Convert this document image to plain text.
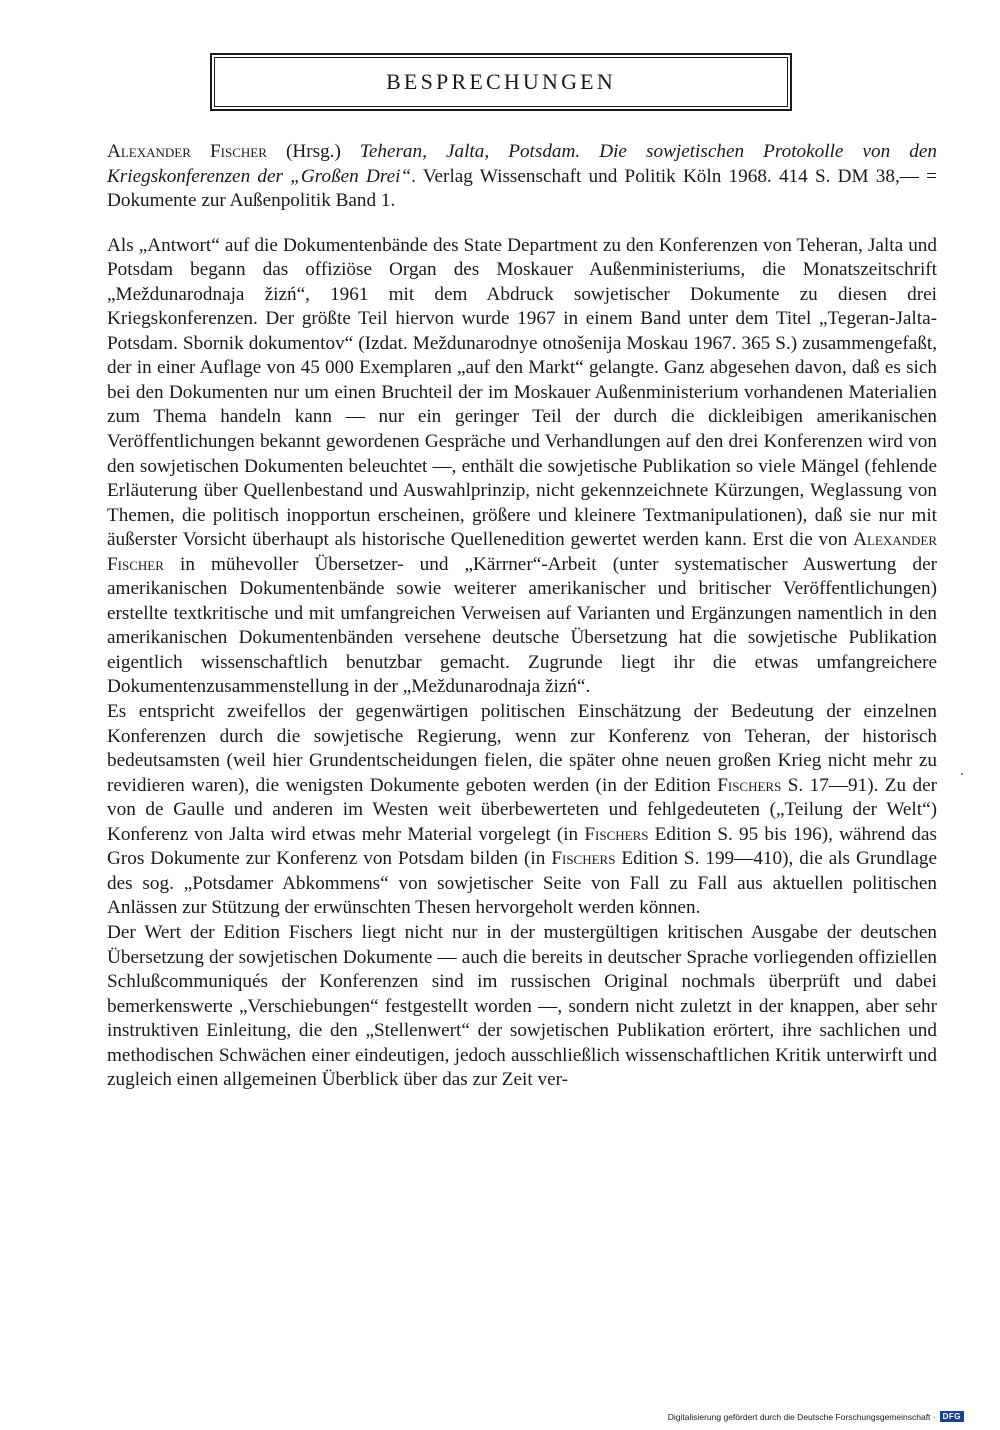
BESPRECHUNGEN

Alexander Fischer (Hrsg.) Teheran, Jalta, Potsdam. Die sowjetischen Protokolle von den Kriegskonferenzen der „Großen Drei“. Verlag Wissenschaft und Politik Köln 1968. 414 S. DM 38,— = Dokumente zur Außenpolitik Band 1.

Als „Antwort“ auf die Dokumentenbände des State Department zu den Konferenzen von Teheran, Jalta und Potsdam begann das offiziöse Organ des Moskauer Außenministeriums, die Monatszeitschrift „Meždunarodnaja žizń“, 1961 mit dem Abdruck sowjetischer Dokumente zu diesen drei Kriegskonferenzen. Der größte Teil hiervon wurde 1967 in einem Band unter dem Titel „Tegeran-Jalta-Potsdam. Sbornik dokumentov“ (Izdat. Meždunarodnye otnošenija Moskau 1967. 365 S.) zusammengefaßt, der in einer Auflage von 45 000 Exemplaren „auf den Markt“ gelangte. Ganz abgesehen davon, daß es sich bei den Dokumenten nur um einen Bruchteil der im Moskauer Außenministerium vorhandenen Materialien zum Thema handeln kann — nur ein geringer Teil der durch die dickleibigen amerikanischen Veröffentlichungen bekannt gewordenen Gespräche und Verhandlungen auf den drei Konferenzen wird von den sowjetischen Dokumenten beleuchtet —, enthält die sowjetische Publikation so viele Mängel (fehlende Erläuterung über Quellenbestand und Auswahlprinzip, nicht gekennzeichnete Kürzungen, Weglassung von Themen, die politisch inopportun erscheinen, größere und kleinere Textmanipulationen), daß sie nur mit äußerster Vorsicht überhaupt als historische Quellenedition gewertet werden kann. Erst die von Alexander Fischer in mühevoller Übersetzer- und „Kärrner“-Arbeit (unter systematischer Auswertung der amerikanischen Dokumentenbände sowie weiterer amerikanischer und britischer Veröffentlichungen) erstellte textkritische und mit umfangreichen Verweisen auf Varianten und Ergänzungen namentlich in den amerikanischen Dokumentenbänden versehene deutsche Übersetzung hat die sowjetische Publikation eigentlich wissenschaftlich benutzbar gemacht. Zugrunde liegt ihr die etwas umfangreichere Dokumentenzusammenstellung in der „Meždunarodnaja žizń“.

Es entspricht zweifellos der gegenwärtigen politischen Einschätzung der Bedeutung der einzelnen Konferenzen durch die sowjetische Regierung, wenn zur Konferenz von Teheran, der historisch bedeutsamsten (weil hier Grundentscheidungen fielen, die später ohne neuen großen Krieg nicht mehr zu revidieren waren), die wenigsten Dokumente geboten werden (in der Edition Fischers S. 17—91). Zu der von de Gaulle und anderen im Westen weit überbewerteten und fehlgedeuteten („Teilung der Welt“) Konferenz von Jalta wird etwas mehr Material vorgelegt (in Fischers Edition S. 95 bis 196), während das Gros Dokumente zur Konferenz von Potsdam bilden (in Fischers Edition S. 199—410), die als Grundlage des sog. „Potsdamer Abkommens“ von sowjetischer Seite von Fall zu Fall aus aktuellen politischen Anlässen zur Stützung der erwünschten Thesen hervorgeholt werden können.

Der Wert der Edition Fischers liegt nicht nur in der mustergültigen kritischen Ausgabe der deutschen Übersetzung der sowjetischen Dokumente — auch die bereits in deutscher Sprache vorliegenden offiziellen Schlußcommuniqués der Konferenzen sind im russischen Original nochmals überprüft und dabei bemerkenswerte „Verschiebungen“ festgestellt worden —, sondern nicht zuletzt in der knappen, aber sehr instruktiven Einleitung, die den „Stellenwert“ der sowjetischen Publikation erörtert, ihre sachlichen und methodischen Schwächen einer eindeutigen, jedoch ausschließlich wissenschaftlichen Kritik unterwirft und zugleich einen allgemeinen Überblick über das zur Zeit ver-

Digitalisierung gefördert durch die Deutsche Forschungsgemeinschaft · DFG
